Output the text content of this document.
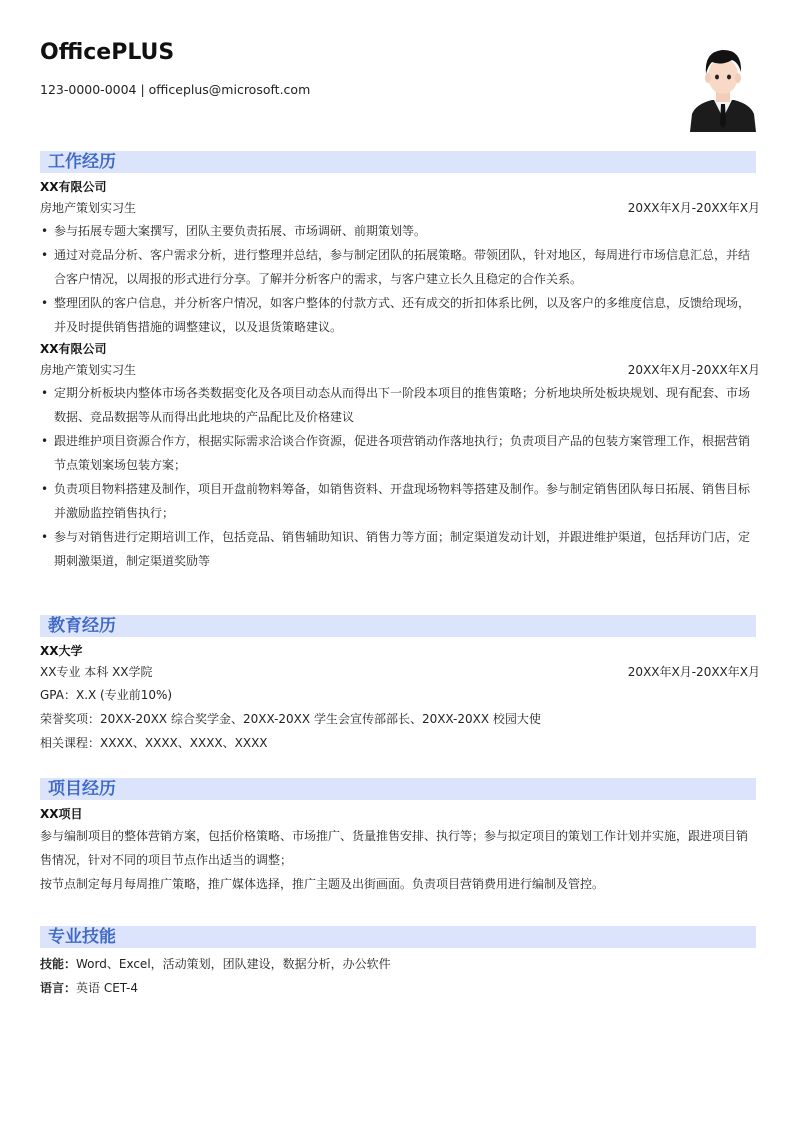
OfficePLUS
123-0000-0004 | officeplus@microsoft.com
工作经历
XX有限公司
房地产策划实习生	20XX年X月-20XX年X月
• 参与拓展专题大案撰写，团队主要负责拓展、市场调研、前期策划等。
• 通过对竞品分析、客户需求分析，进行整理并总结，参与制定团队的拓展策略。带领团队，针对地区，每周进行市场信息汇总，并结合客户情况，以周报的形式进行分享。了解并分析客户的需求，与客户建立长久且稳定的合作关系。
• 整理团队的客户信息，并分析客户情况，如客户整体的付款方式、还有成交的折扣体系比例，以及客户的多维度信息，反馈给现场，并及时提供销售措施的调整建议，以及退货策略建议。
XX有限公司
房地产策划实习生	20XX年X月-20XX年X月
• 定期分析板块内整体市场各类数据变化及各项目动态从而得出下一阶段本项目的推售策略；分析地块所处板块规划、现有配套、市场数据、竞品数据等从而得出此地块的产品配比及价格建议
• 跟进维护项目资源合作方，根据实际需求洽谈合作资源，促进各项营销动作落地执行；负责项目产品的包装方案管理工作，根据营销节点策划案场包装方案；
• 负责项目物料搭建及制作，项目开盘前物料筹备，如销售资料、开盘现场物料等搭建及制作。参与制定销售团队每日拓展、销售目标并激励监控销售执行；
• 参与对销售进行定期培训工作，包括竞品、销售辅助知识、销售力等方面；制定渠道发动计划，并跟进维护渠道，包括拜访门店，定期刺激渠道，制定渠道奖励等
教育经历
XX大学
XX专业 本科 XX学院	20XX年X月-20XX年X月
GPA：X.X (专业前10%)
荣誉奖项：20XX-20XX 综合奖学金、20XX-20XX 学生会宣传部部长、20XX-20XX 校园大使
相关课程：XXXX、XXXX、XXXX、XXXX
项目经历
XX项目
参与编制项目的整体营销方案，包括价格策略、市场推广、货量推售安排、执行等；参与拟定项目的策划工作计划并实施，跟进项目销售情况，针对不同的项目节点作出适当的调整；
按节点制定每月每周推广策略，推广媒体选择，推广主题及出街画面。负责项目营销费用进行编制及管控。
专业技能
技能：Word、Excel，活动策划，团队建设，数据分析，办公软件
语言：英语 CET-4
